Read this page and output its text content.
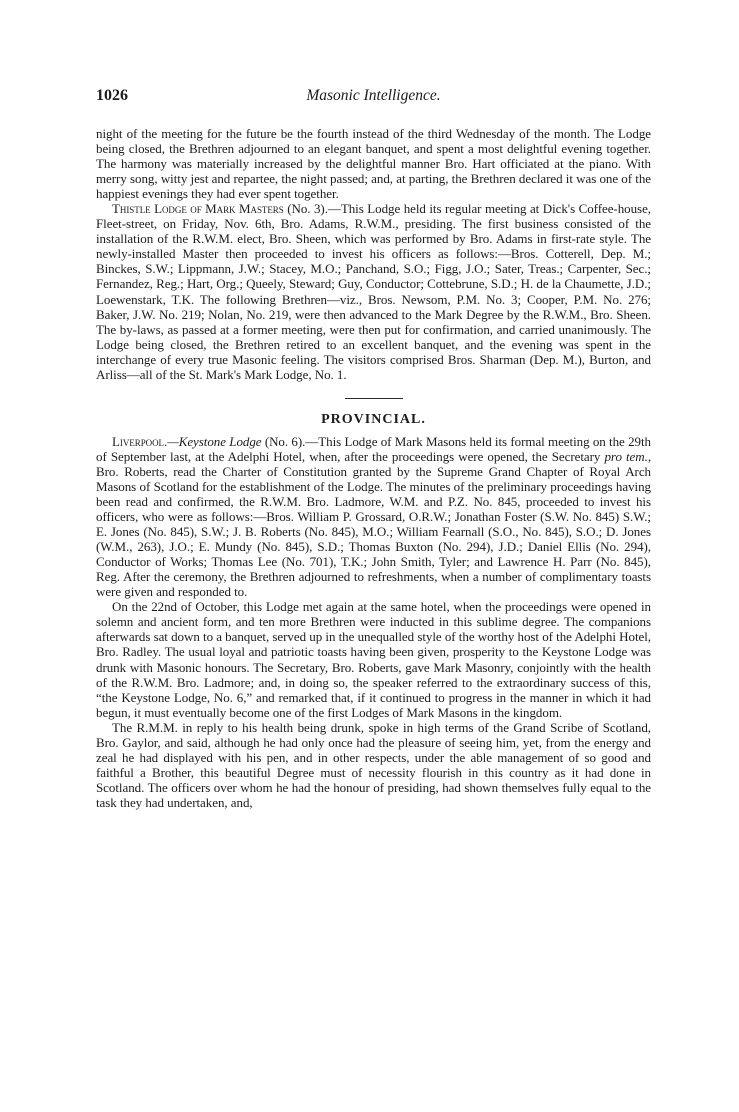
1026	Masonic Intelligence.

night of the meeting for the future be the fourth instead of the third Wednesday of the month. The Lodge being closed, the Brethren adjourned to an elegant banquet, and spent a most delightful evening together. The harmony was materially increased by the delightful manner Bro. Hart officiated at the piano. With merry song, witty jest and repartee, the night passed; and, at parting, the Brethren declared it was one of the happiest evenings they had ever spent together.

Thistle Lodge of Mark Masters (No. 3).—This Lodge held its regular meeting at Dick's Coffee-house, Fleet-street, on Friday, Nov. 6th, Bro. Adams, R.W.M., presiding. The first business consisted of the installation of the R.W.M. elect, Bro. Sheen, which was performed by Bro. Adams in first-rate style. The newly-installed Master then proceeded to invest his officers as follows:—Bros. Cotterell, Dep. M.; Binckes, S.W.; Lippmann, J.W.; Stacey, M.O.; Panchand, S.O.; Figg, J.O.; Sater, Treas.; Carpenter, Sec.; Fernandez, Reg.; Hart, Org.; Queely, Steward; Guy, Conductor; Cottebrune, S.D.; H. de la Chaumette, J.D.; Loewenstark, T.K. The following Brethren—viz., Bros. Newsom, P.M. No. 3; Cooper, P.M. No. 276; Baker, J.W. No. 219; Nolan, No. 219, were then advanced to the Mark Degree by the R.W.M., Bro. Sheen. The by-laws, as passed at a former meeting, were then put for confirmation, and carried unanimously. The Lodge being closed, the Brethren retired to an excellent banquet, and the evening was spent in the interchange of every true Masonic feeling. The visitors comprised Bros. Sharman (Dep. M.), Burton, and Arliss—all of the St. Mark's Mark Lodge, No. 1.

PROVINCIAL.

Liverpool.—Keystone Lodge (No. 6).—This Lodge of Mark Masons held its formal meeting on the 29th of September last, at the Adelphi Hotel, when, after the proceedings were opened, the Secretary pro tem., Bro. Roberts, read the Charter of Constitution granted by the Supreme Grand Chapter of Royal Arch Masons of Scotland for the establishment of the Lodge. The minutes of the preliminary proceedings having been read and confirmed, the R.W.M. Bro. Ladmore, W.M. and P.Z. No. 845, proceeded to invest his officers, who were as follows:—Bros. William P. Grossard, O.R.W.; Jonathan Foster (S.W. No. 845) S.W.; E. Jones (No. 845), S.W.; J. B. Roberts (No. 845), M.O.; William Fearnall (S.O., No. 845), S.O.; D. Jones (W.M., 263), J.O.; E. Mundy (No. 845), S.D.; Thomas Buxton (No. 294), J.D.; Daniel Ellis (No. 294), Conductor of Works; Thomas Lee (No. 701), T.K.; John Smith, Tyler; and Lawrence H. Parr (No. 845), Reg. After the ceremony, the Brethren adjourned to refreshments, when a number of complimentary toasts were given and responded to.

On the 22nd of October, this Lodge met again at the same hotel, when the proceedings were opened in solemn and ancient form, and ten more Brethren were inducted in this sublime degree. The companions afterwards sat down to a banquet, served up in the unequalled style of the worthy host of the Adelphi Hotel, Bro. Radley. The usual loyal and patriotic toasts having been given, prosperity to the Keystone Lodge was drunk with Masonic honours. The Secretary, Bro. Roberts, gave Mark Masonry, conjointly with the health of the R.W.M. Bro. Ladmore; and, in doing so, the speaker referred to the extraordinary success of this, “the Keystone Lodge, No. 6,” and remarked that, if it continued to progress in the manner in which it had begun, it must eventually become one of the first Lodges of Mark Masons in the kingdom.

The R.M.M. in reply to his health being drunk, spoke in high terms of the Grand Scribe of Scotland, Bro. Gaylor, and said, although he had only once had the pleasure of seeing him, yet, from the energy and zeal he had displayed with his pen, and in other respects, under the able management of so good and faithful a Brother, this beautiful Degree must of necessity flourish in this country as it had done in Scotland. The officers over whom he had the honour of presiding, had shown themselves fully equal to the task they had undertaken, and,
